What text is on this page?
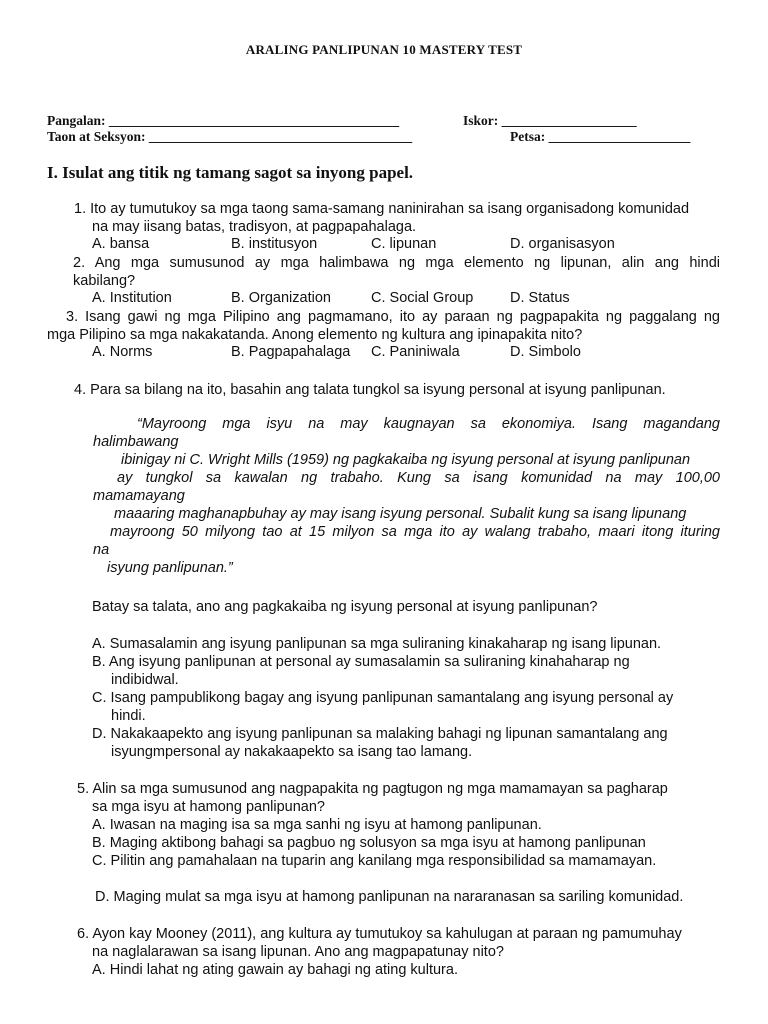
ARALING PANLIPUNAN 10 MASTERY TEST
Pangalan: ___________________________________________	Iskor: ____________________
Taon at Seksyon: _______________________________________	Petsa: _____________________
I. Isulat ang titik ng tamang sagot sa inyong papel.
1. Ito ay tumutukoy sa mga taong sama-samang naninirahan sa isang organisadong komunidad
na may iisang batas, tradisyon, at pagpapahalaga.
A. bansa	B. institusyon	C. lipunan	D. organisasyon
2. Ang mga sumusunod ay mga halimbawa ng mga elemento ng lipunan, alin ang hindi
kabilang?
A. Institution	B. Organization	C. Social Group	D. Status
3. Isang gawi ng mga Pilipino ang pagmamano, ito ay paraan ng pagpapakita ng paggalang ng
mga Pilipino sa mga nakakatanda. Anong elemento ng kultura ang ipinapakita nito?
A. Norms	B. Pagpapahalaga C. Paniniwala	D. Simbolo
4. Para sa bilang na ito, basahin ang talata tungkol sa isyung personal at isyung panlipunan.
“Mayroong mga isyu na may kaugnayan sa ekonomiya. Isang magandang
halimbawang
ibinigay ni C. Wright Mills (1959) ng pagkakaiba ng isyung personal at isyung panlipunan
ay tungkol sa kawalan ng trabaho. Kung sa isang komunidad na may 100,00
mamamayang
maaaring maghanapbuhay ay may isang isyung personal. Subalit kung sa isang lipunang
mayroong 50 milyong tao at 15 milyon sa mga ito ay walang trabaho, maari itong ituring
na
isyung panlipunan.”
Batay sa talata, ano ang pagkakaiba ng isyung personal at isyung panlipunan?
A. Sumasalamin ang isyung panlipunan sa mga suliraning kinakaharap ng isang lipunan.
B. Ang isyung panlipunan at personal ay sumasalamin sa suliraning kinahaharap ng
indibidwal.
C. Isang pampublikong bagay ang isyung panlipunan samantalang ang isyung personal ay
hindi.
D. Nakakaapekto ang isyung panlipunan sa malaking bahagi ng lipunan samantalang ang
isyungmpersonal ay nakakaapekto sa isang tao lamang.
5. Alin sa mga sumusunod ang nagpapakita ng pagtugon ng mga mamamayan sa pagharap
sa mga isyu at hamong panlipunan?
A. Iwasan na maging isa sa mga sanhi ng isyu at hamong panlipunan.
B. Maging aktibong bahagi sa pagbuo ng solusyon sa mga isyu at hamong panlipunan
C. Pilitin ang pamahalaan na tuparin ang kanilang mga responsibilidad sa mamamayan.
D. Maging mulat sa mga isyu at hamong panlipunan na nararanasan sa sariling komunidad.
6. Ayon kay Mooney (2011), ang kultura ay tumutukoy sa kahulugan at paraan ng pamumuhay
na naglalarawan sa isang lipunan. Ano ang magpapatunay nito?
A. Hindi lahat ng ating gawain ay bahagi ng ating kultura.
